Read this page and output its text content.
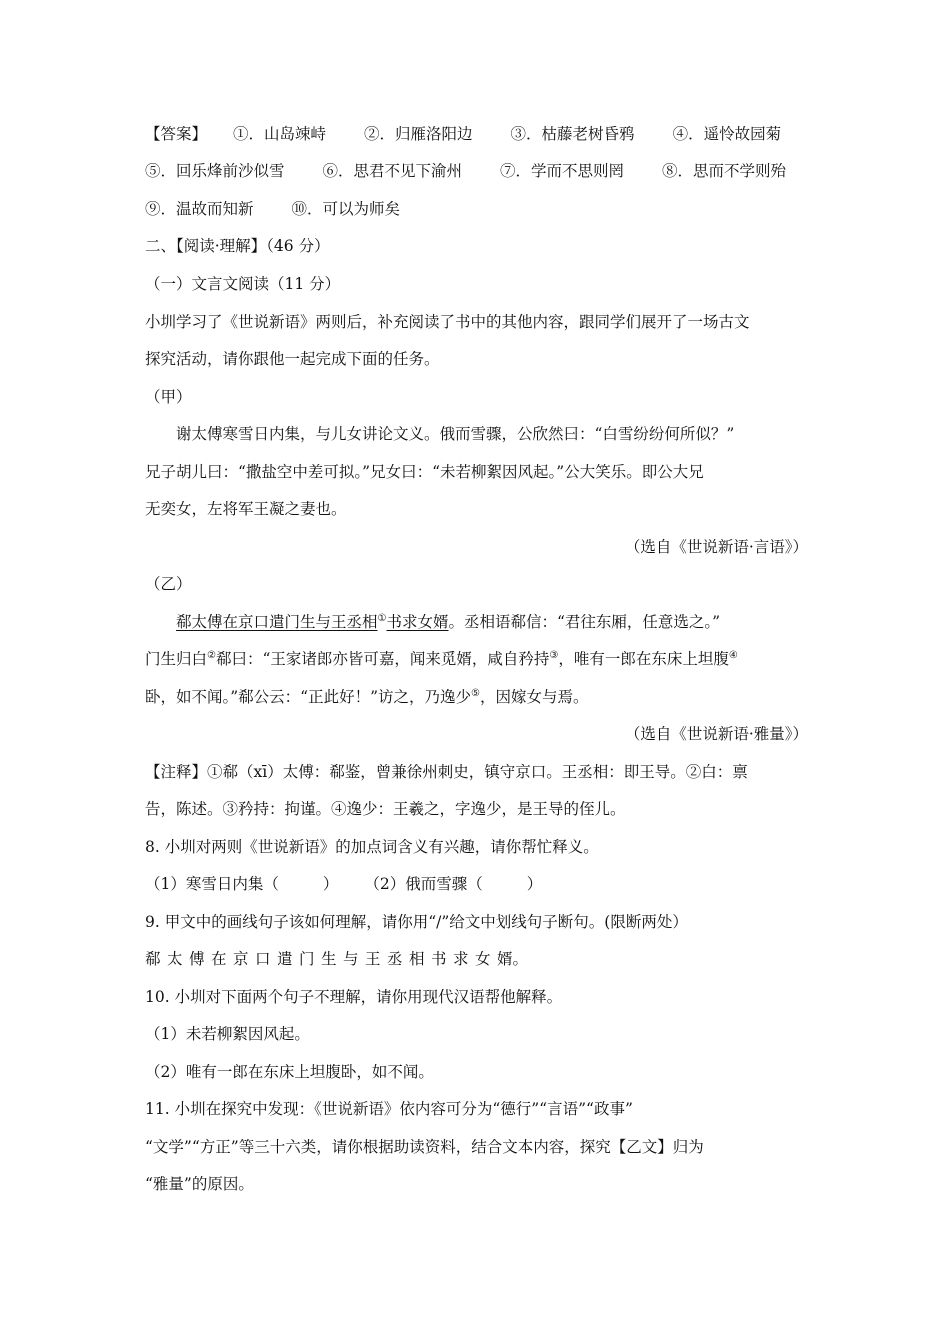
【答案】 ①．山岛竦峙 ②．归雁洛阳边 ③．枯藤老树昏鸦 ④．遥怜故园菊
⑤．回乐烽前沙似雪 ⑥．思君不见下渝州 ⑦．学而不思则罔 ⑧．思而不学则殆
⑨．温故而知新 ⑩．可以为师矣
二、【阅读·理解】（46 分）
（一）文言文阅读（11 分）
小圳学习了《世说新语》两则后，补充阅读了书中的其他内容，跟同学们展开了一场古文
探究活动，请你跟他一起完成下面的任务。
（甲）
谢太傅寒雪日内集，与儿女讲论文义。俄而雪骤，公欣然曰：“白雪纷纷何所似？”
兄子胡儿曰：“撒盐空中差可拟。”兄女曰：“未若柳絮因风起。”公大笑乐。即公大兄
无奕女，左将军王凝之妻也。
（选自《世说新语·言语》）
（乙）
郗太傅在京口遣门生与王丞相①书求女婿。丞相语郗信：“君往东厢，任意选之。”
门生归白②郗曰：“王家诸郎亦皆可嘉，闻来觅婿，咸自矜持③，唯有一郎在东床上坦腹④
卧，如不闻。”郗公云：“正此好！”访之，乃逸少⑤，因嫁女与焉。
（选自《世说新语·雅量》）
【注释】①郗（xī）太傅：郗鉴，曾兼徐州刺史，镇守京口。王丞相：即王导。②白：禀
告，陈述。③矜持：拘谨。④逸少：王羲之，字逸少，是王导的侄儿。
8. 小圳对两则《世说新语》的加点词含义有兴趣，请你帮忙释义。
（1）寒雪日内集（	） （2）俄而雪骤（	）
9. 甲文中的画线句子该如何理解，请你用“/”给文中划线句子断句。(限断两处）
郗 太 傅 在 京 口 遣 门 生 与 王 丞 相 书 求 女 婿。
10. 小圳对下面两个句子不理解，请你用现代汉语帮他解释。
（1）未若柳絮因风起。
（2）唯有一郎在东床上坦腹卧，如不闻。
11. 小圳在探究中发现：《世说新语》依内容可分为“德行”“言语”“政事”
“文学”“方正”等三十六类，请你根据助读资料，结合文本内容，探究【乙文】归为
“雅量”的原因。
